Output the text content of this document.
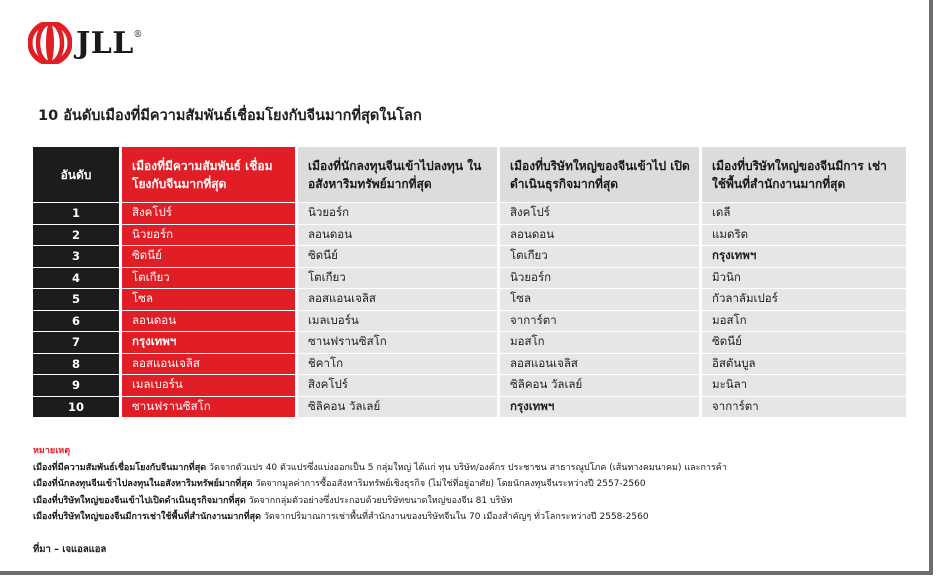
JLL ®
10 อันดับเมืองที่มีความสัมพันธ์เชื่อมโยงกับจีนมากที่สุดในโลก
อันดับ	เมืองที่มีความสัมพันธ์ เชื่อมโยงกับจีนมากที่สุด	เมืองที่นักลงทุนจีนเข้าไปลงทุน ในอสังหาริมทรัพย์มากที่สุด	เมืองที่บริษัทใหญ่ของจีนเข้าไป เปิดดำเนินธุรกิจมากที่สุด	เมืองที่บริษัทใหญ่ของจีนมีการ เช่าใช้พื้นที่สำนักงานมากที่สุด
1	สิงคโปร์	นิวยอร์ก	สิงคโปร์	เดลี
2	นิวยอร์ก	ลอนดอน	ลอนดอน	แมดริด
3	ซิดนีย์	ซิดนีย์	โตเกียว	กรุงเทพฯ
4	โตเกียว	โตเกียว	นิวยอร์ก	มิวนิก
5	โซล	ลอสแอนเจลิส	โซล	กัวลาลัมเปอร์
6	ลอนดอน	เมลเบอร์น	จาการ์ตา	มอสโก
7	กรุงเทพฯ	ซานฟรานซิสโก	มอสโก	ซิดนีย์
8	ลอสแอนเจลิส	ชิคาโก	ลอสแอนเจลิส	อิสตันบูล
9	เมลเบอร์น	สิงคโปร์	ซิลิคอน วัลเลย์	มะนิลา
10	ซานฟรานซิสโก	ซิลิคอน วัลเลย์	กรุงเทพฯ	จาการ์ตา
หมายเหตุ
เมืองที่มีความสัมพันธ์เชื่อมโยงกับจีนมากที่สุด วัดจากตัวแปร 40 ตัวแปรซึ่งแบ่งออกเป็น 5 กลุ่มใหญ่ ได้แก่ ทุน บริษัท/องค์กร ประชาชน สาธารณูปโภค (เส้นทางคมนาคม) และการค้า
เมืองที่นักลงทุนจีนเข้าไปลงทุนในอสังหาริมทรัพย์มากที่สุด วัดจากมูลค่าการซื้ออสังหาริมทรัพย์เชิงธุรกิจ (ไม่ใช่ที่อยู่อาศัย) โดยนักลงทุนจีนระหว่างปี 2557-2560
เมืองที่บริษัทใหญ่ของจีนเข้าไปเปิดดำเนินธุรกิจมากที่สุด วัดจากกลุ่มตัวอย่างซึ่งประกอบด้วยบริษัทขนาดใหญ่ของจีน 81 บริษัท
เมืองที่บริษัทใหญ่ของจีนมีการเช่าใช้พื้นที่สำนักงานมากที่สุด วัดจากปริมาณการเช่าพื้นที่สำนักงานของบริษัทจีนใน 70 เมืองสำคัญๆ ทั่วโลกระหว่างปี 2558-2560
ที่มา – เจแอลแอล
